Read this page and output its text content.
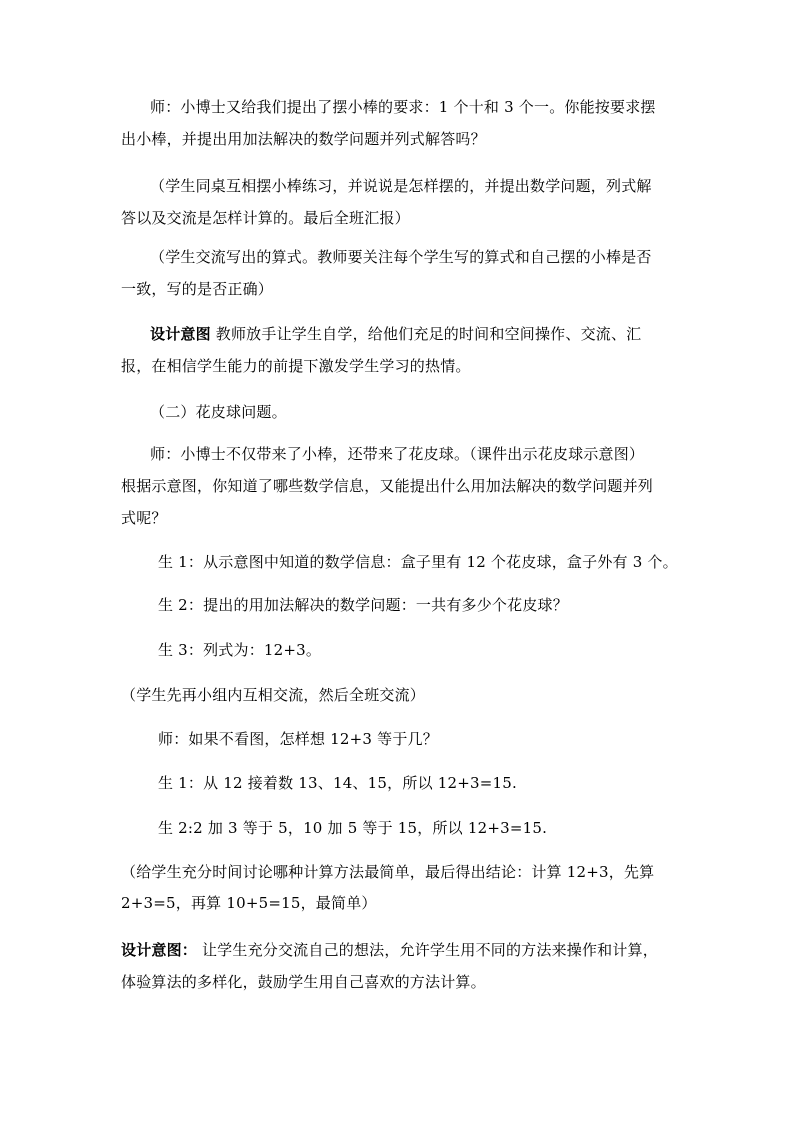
师：小博士又给我们提出了摆小棒的要求：1 个十和 3 个一。你能按要求摆
出小棒，并提出用加法解决的数学问题并列式解答吗？
（学生同桌互相摆小棒练习，并说说是怎样摆的，并提出数学问题，列式解
答以及交流是怎样计算的。最后全班汇报）
（学生交流写出的算式。教师要关注每个学生写的算式和自己摆的小棒是否
一致，写的是否正确）
设计意图 教师放手让学生自学，给他们充足的时间和空间操作、交流、汇
报，在相信学生能力的前提下激发学生学习的热情。
（二）花皮球问题。
师：小博士不仅带来了小棒，还带来了花皮球。（课件出示花皮球示意图）
根据示意图，你知道了哪些数学信息，又能提出什么用加法解决的数学问题并列
式呢？
生 1：从示意图中知道的数学信息：盒子里有 12 个花皮球，盒子外有 3 个。
生 2：提出的用加法解决的数学问题：一共有多少个花皮球？
生 3：列式为：12+3。
（学生先再小组内互相交流，然后全班交流）
师：如果不看图，怎样想 12+3 等于几？
生 1：从 12 接着数 13、14、15，所以 12+3=15.
生 2:2 加 3 等于 5，10 加 5 等于 15，所以 12+3=15.
（给学生充分时间讨论哪种计算方法最简单，最后得出结论：计算 12+3，先算
2+3=5，再算 10+5=15，最简单）
设计意图： 让学生充分交流自己的想法，允许学生用不同的方法来操作和计算，
体验算法的多样化，鼓励学生用自己喜欢的方法计算。
